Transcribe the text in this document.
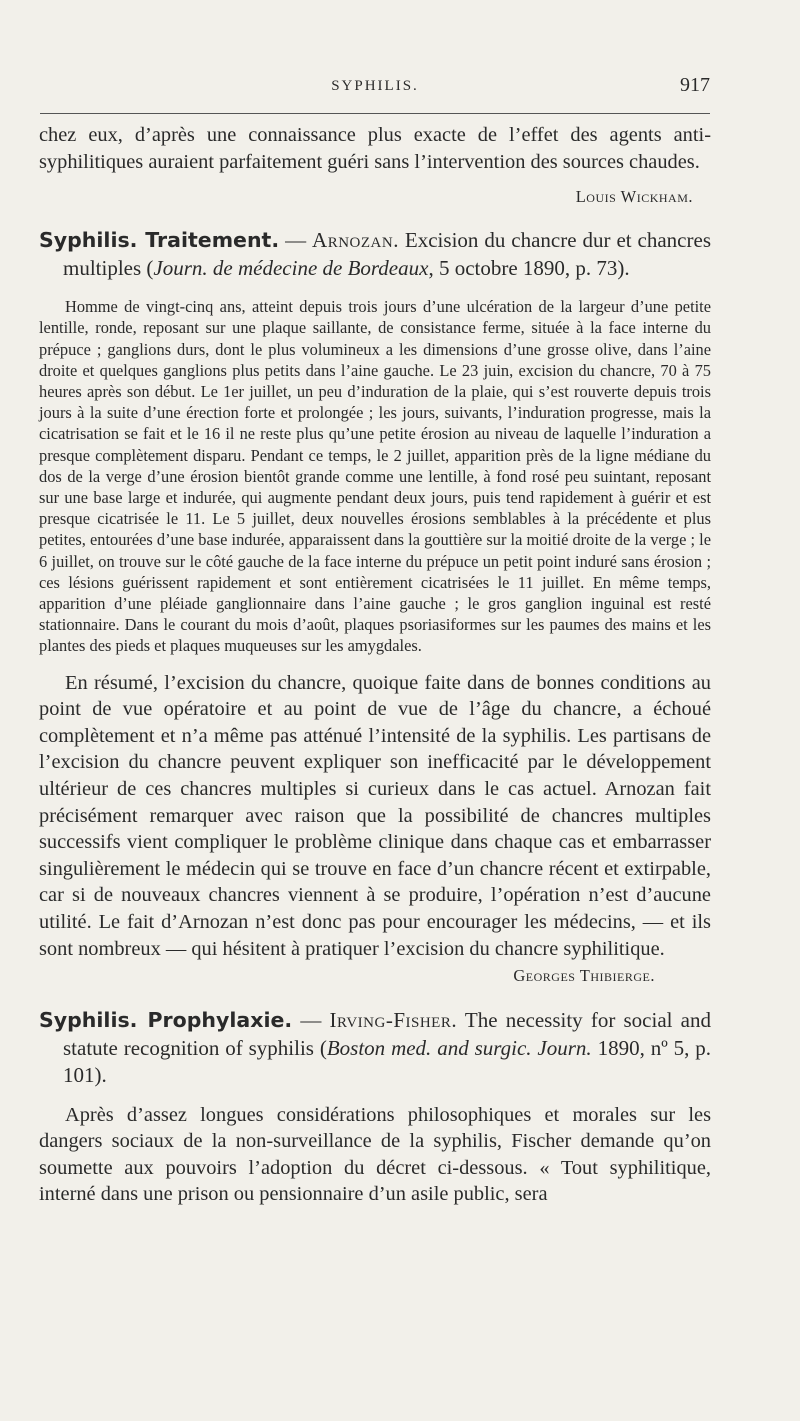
SYPHILIS.	917

chez eux, d’après une connaissance plus exacte de l’effet des agents anti-syphilitiques auraient parfaitement guéri sans l’intervention des sources chaudes.

Louis Wickham.

Syphilis. Traitement. — Arnozan. Excision du chancre dur et chancres multiples (Journ. de médecine de Bordeaux, 5 octobre 1890, p. 73).

Homme de vingt-cinq ans, atteint depuis trois jours d’une ulcération de la largeur d’une petite lentille, ronde, reposant sur une plaque saillante, de consistance ferme, située à la face interne du prépuce ; ganglions durs, dont le plus volumineux a les dimensions d’une grosse olive, dans l’aine droite et quelques ganglions plus petits dans l’aine gauche. Le 23 juin, excision du chancre, 70 à 75 heures après son début. Le 1er juillet, un peu d’induration de la plaie, qui s’est rouverte depuis trois jours à la suite d’une érection forte et prolongée ; les jours, suivants, l’induration progresse, mais la cicatrisation se fait et le 16 il ne reste plus qu’une petite érosion au niveau de laquelle l’induration a presque complètement disparu. Pendant ce temps, le 2 juillet, apparition près de la ligne médiane du dos de la verge d’une érosion bientôt grande comme une lentille, à fond rosé peu suintant, reposant sur une base large et indurée, qui augmente pendant deux jours, puis tend rapidement à guérir et est presque cicatrisée le 11. Le 5 juillet, deux nouvelles érosions semblables à la précédente et plus petites, entourées d’une base indurée, apparaissent dans la gouttière sur la moitié droite de la verge ; le 6 juillet, on trouve sur le côté gauche de la face interne du prépuce un petit point induré sans érosion ; ces lésions guérissent rapidement et sont entièrement cicatrisées le 11 juillet. En même temps, apparition d’une pléiade ganglionnaire dans l’aine gauche ; le gros ganglion inguinal est resté stationnaire. Dans le courant du mois d’août, plaques psoriasiformes sur les paumes des mains et les plantes des pieds et plaques muqueuses sur les amygdales.

En résumé, l’excision du chancre, quoique faite dans de bonnes conditions au point de vue opératoire et au point de vue de l’âge du chancre, a échoué complètement et n’a même pas atténué l’intensité de la syphilis. Les partisans de l’excision du chancre peuvent expliquer son inefficacité par le développement ultérieur de ces chancres multiples si curieux dans le cas actuel. Arnozan fait précisément remarquer avec raison que la possibilité de chancres multiples successifs vient compliquer le problème clinique dans chaque cas et embarrasser singulièrement le médecin qui se trouve en face d’un chancre récent et extirpable, car si de nouveaux chancres viennent à se produire, l’opération n’est d’aucune utilité. Le fait d’Arnozan n’est donc pas pour encourager les médecins, — et ils sont nombreux — qui hésitent à pratiquer l’excision du chancre syphilitique.

Georges Thibierge.

Syphilis. Prophylaxie. — Irving-Fisher. The necessity for social and statute recognition of syphilis (Boston med. and surgic. Journ. 1890, nº 5, p. 101).

Après d’assez longues considérations philosophiques et morales sur les dangers sociaux de la non-surveillance de la syphilis, Fischer demande qu’on soumette aux pouvoirs l’adoption du décret ci-dessous. « Tout syphilitique, interné dans une prison ou pensionnaire d’un asile public, sera
